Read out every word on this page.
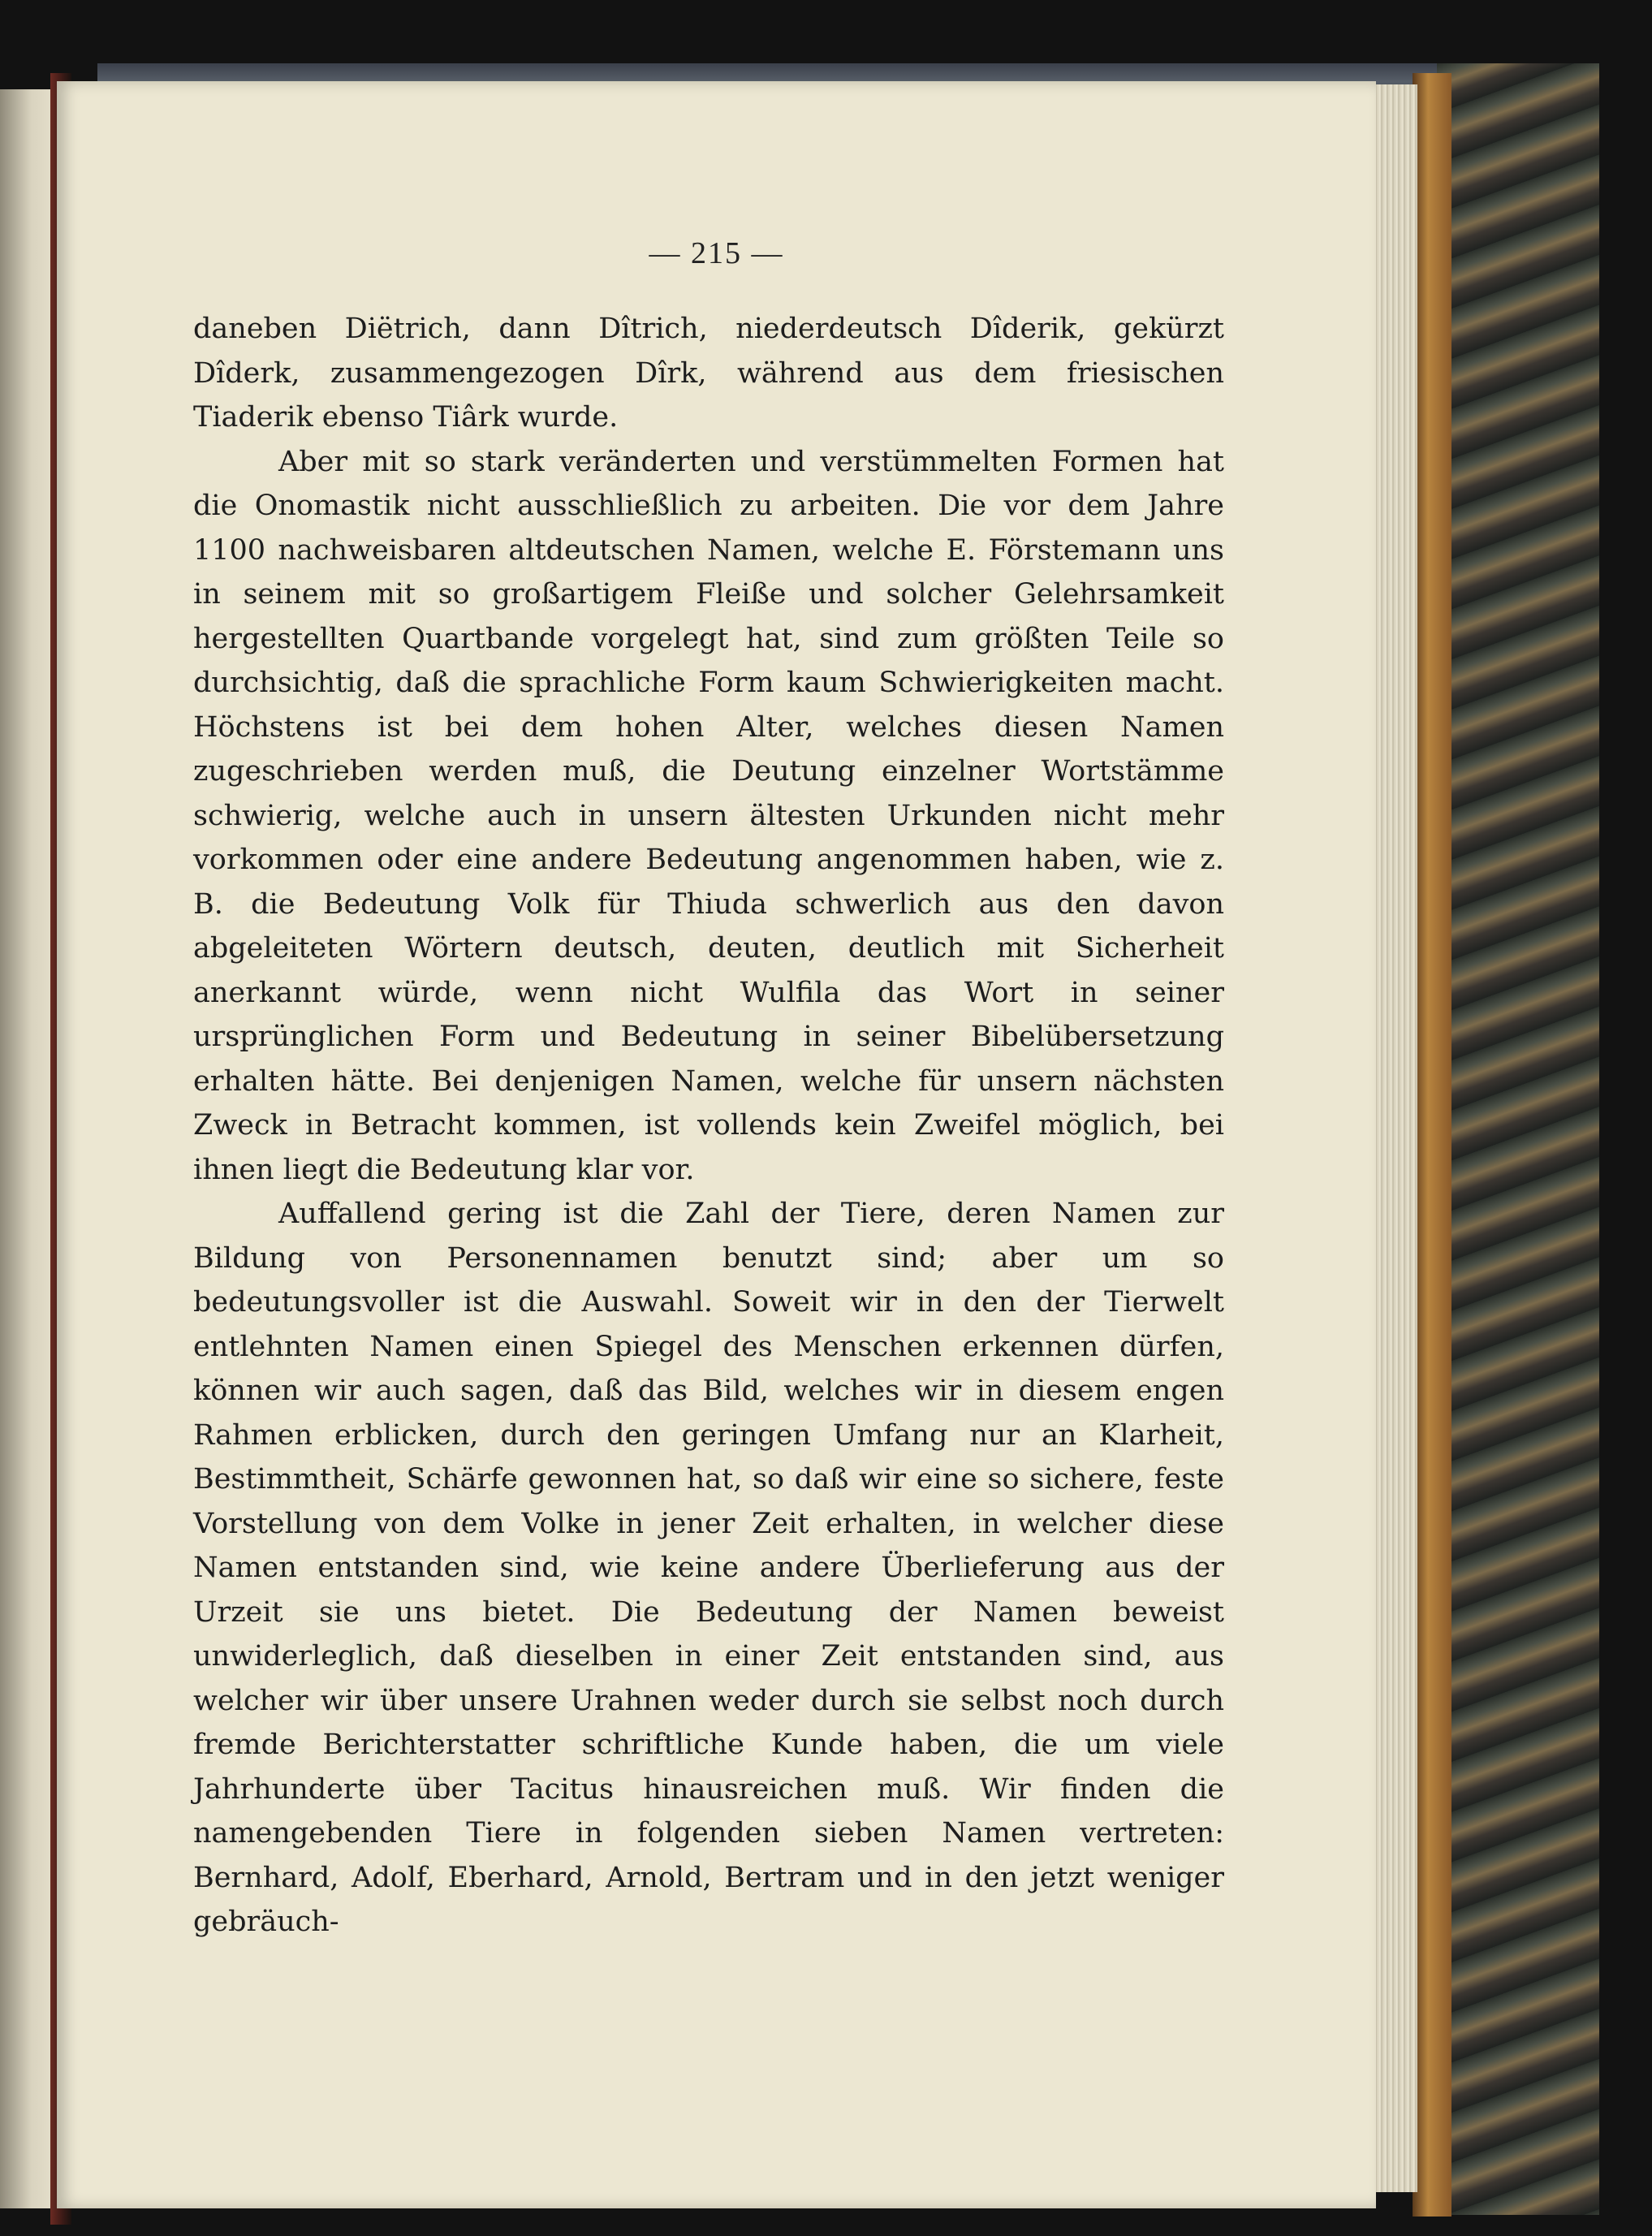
— 215 —

daneben Diëtrich, dann Dîtrich, niederdeutsch Dîderik, gekürzt Dîderk, zusammengezogen Dîrk, während aus dem friesischen Tiaderik ebenso Tiârk wurde.

Aber mit so stark veränderten und verstümmelten Formen hat die Onomastik nicht ausschließlich zu arbeiten. Die vor dem Jahre 1100 nachweisbaren altdeutschen Namen, welche E. Förstemann uns in seinem mit so großartigem Fleiße und solcher Gelehrsamkeit hergestellten Quartbande vorgelegt hat, sind zum größten Teile so durchsichtig, daß die sprachliche Form kaum Schwierigkeiten macht. Höchstens ist bei dem hohen Alter, welches diesen Namen zugeschrieben werden muß, die Deutung einzelner Wortstämme schwierig, welche auch in unsern ältesten Urkunden nicht mehr vorkommen oder eine andere Bedeutung angenommen haben, wie z. B. die Bedeutung Volk für Thiuda schwerlich aus den davon abgeleiteten Wörtern deutsch, deuten, deutlich mit Sicherheit anerkannt würde, wenn nicht Wulfila das Wort in seiner ursprünglichen Form und Bedeutung in seiner Bibelübersetzung erhalten hätte. Bei denjenigen Namen, welche für unsern nächsten Zweck in Betracht kommen, ist vollends kein Zweifel möglich, bei ihnen liegt die Bedeutung klar vor.

Auffallend gering ist die Zahl der Tiere, deren Namen zur Bildung von Personennamen benutzt sind; aber um so bedeutungsvoller ist die Auswahl. Soweit wir in den der Tierwelt entlehnten Namen einen Spiegel des Menschen erkennen dürfen, können wir auch sagen, daß das Bild, welches wir in diesem engen Rahmen erblicken, durch den geringen Umfang nur an Klarheit, Bestimmtheit, Schärfe gewonnen hat, so daß wir eine so sichere, feste Vorstellung von dem Volke in jener Zeit erhalten, in welcher diese Namen entstanden sind, wie keine andere Überlieferung aus der Urzeit sie uns bietet. Die Bedeutung der Namen beweist unwiderleglich, daß dieselben in einer Zeit entstanden sind, aus welcher wir über unsere Urahnen weder durch sie selbst noch durch fremde Berichterstatter schriftliche Kunde haben, die um viele Jahrhunderte über Tacitus hinausreichen muß. Wir finden die namengebenden Tiere in folgenden sieben Namen vertreten: Bernhard, Adolf, Eberhard, Arnold, Bertram und in den jetzt weniger gebräuch-
